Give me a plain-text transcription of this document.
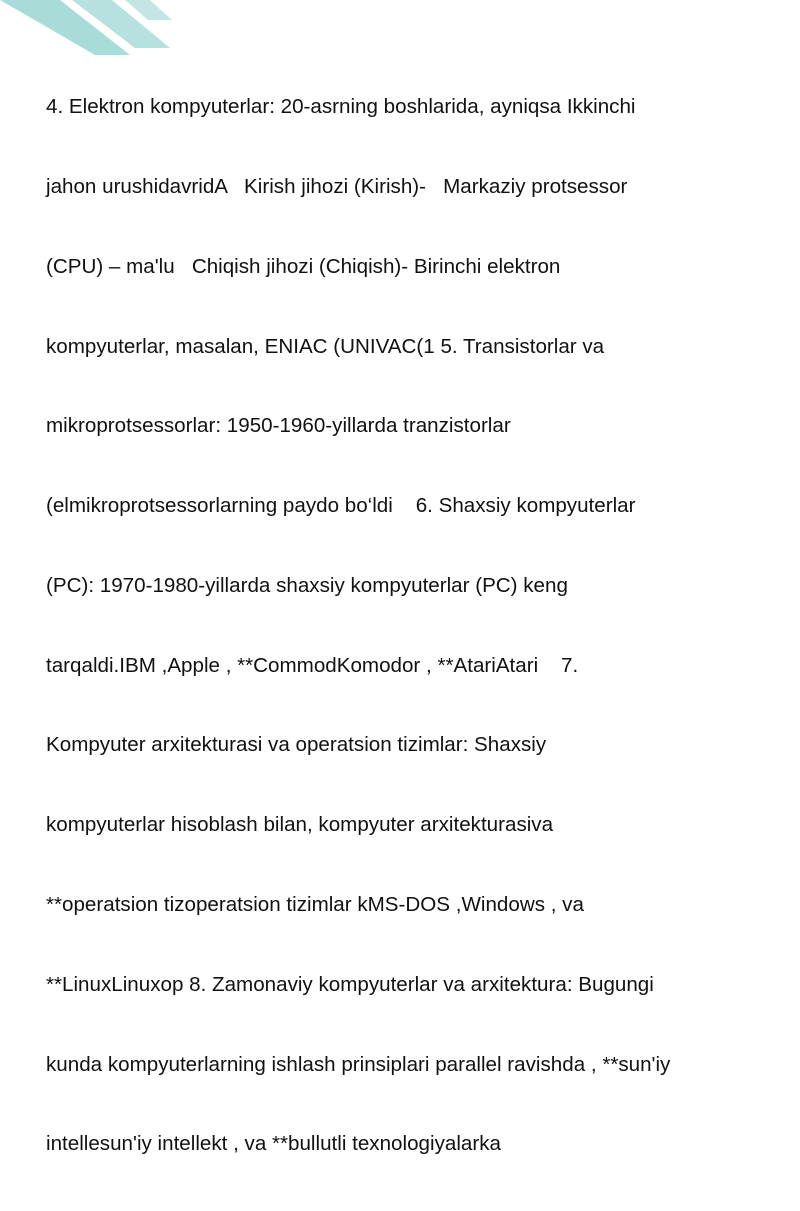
4. Elektron kompyuterlar: 20-asrning boshlarida, ayniqsa Ikkinchi

jahon urushidavridA   Kirish jihozi (Kirish)-   Markaziy protsessor

(CPU) – ma'lu   Chiqish jihozi (Chiqish)- Birinchi elektron

kompyuterlar, masalan, ENIAC (UNIVAC(1 5. Transistorlar va

mikroprotsessorlar: 1950-1960-yillarda tranzistorlar

(elmikroprotsessorlarning paydo bo‘ldi    6. Shaxsiy kompyuterlar

(PC): 1970-1980-yillarda shaxsiy kompyuterlar (PC) keng

tarqaldi.IBM ,Apple , **CommodKomodor , **AtariAtari    7.

Kompyuter arxitekturasi va operatsion tizimlar: Shaxsiy

kompyuterlar hisoblash bilan, kompyuter arxitekturasiva

**operatsion tizoperatsion tizimlar kMS-DOS ,Windows , va

**LinuxLinuxop 8. Zamonaviy kompyuterlar va arxitektura: Bugungi

kunda kompyuterlarning ishlash prinsiplari parallel ravishda , **sun'iy

intellesun'iy intellekt , va **bullutli texnologiyalarka
